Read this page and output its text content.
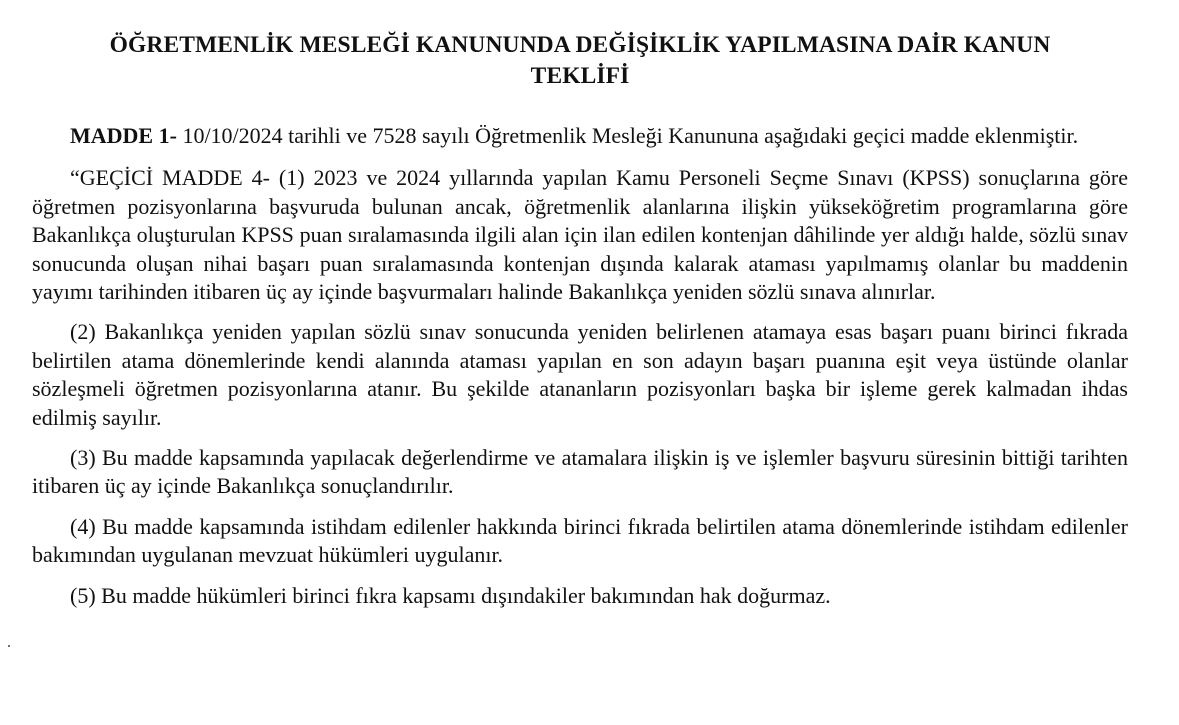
ÖĞRETMENLİK MESLEĞİ KANUNUNDA DEĞİŞİKLİK YAPILMASINA DAİR KANUN
TEKLİFİ

MADDE 1- 10/10/2024 tarihli ve 7528 sayılı Öğretmenlik Mesleği Kanununa aşağıdaki geçici madde eklenmiştir.

“GEÇİCİ MADDE 4- (1) 2023 ve 2024 yıllarında yapılan Kamu Personeli Seçme Sınavı (KPSS) sonuçlarına göre öğretmen pozisyonlarına başvuruda bulunan ancak, öğretmenlik alanlarına ilişkin yükseköğretim programlarına göre Bakanlıkça oluşturulan KPSS puan sıralamasında ilgili alan için ilan edilen kontenjan dâhilinde yer aldığı halde, sözlü sınav sonucunda oluşan nihai başarı puan sıralamasında kontenjan dışında kalarak ataması yapılmamış olanlar bu maddenin yayımı tarihinden itibaren üç ay içinde başvurmaları halinde Bakanlıkça yeniden sözlü sınava alınırlar.

(2) Bakanlıkça yeniden yapılan sözlü sınav sonucunda yeniden belirlenen atamaya esas başarı puanı birinci fıkrada belirtilen atama dönemlerinde kendi alanında ataması yapılan en son adayın başarı puanına eşit veya üstünde olanlar sözleşmeli öğretmen pozisyonlarına atanır. Bu şekilde atananların pozisyonları başka bir işleme gerek kalmadan ihdas edilmiş sayılır.

(3) Bu madde kapsamında yapılacak değerlendirme ve atamalara ilişkin iş ve işlemler başvuru süresinin bittiği tarihten itibaren üç ay içinde Bakanlıkça sonuçlandırılır.

(4) Bu madde kapsamında istihdam edilenler hakkında birinci fıkrada belirtilen atama dönemlerinde istihdam edilenler bakımından uygulanan mevzuat hükümleri uygulanır.

(5) Bu madde hükümleri birinci fıkra kapsamı dışındakiler bakımından hak doğurmaz.
